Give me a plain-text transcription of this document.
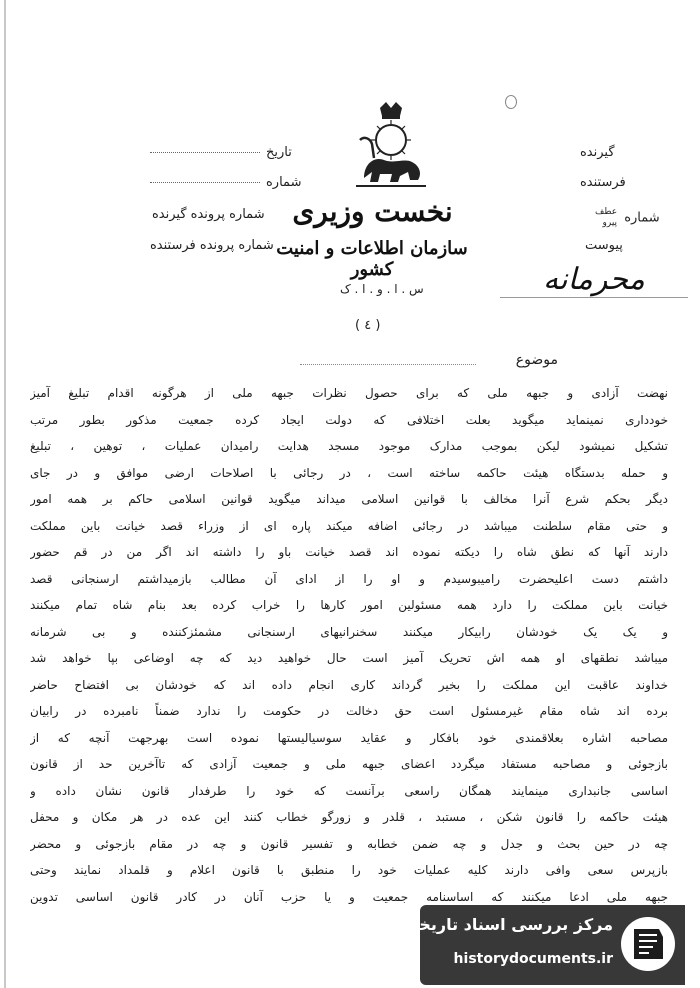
تاریخ
شماره
شماره پرونده گیرنده
شماره پرونده فرستنده
گیرنده
فرستنده
شماره
عطف
پیرو
پیوست
نخست وزیری
سازمان اطلاعات و امنیت کشور
س . ا . و . ا . ک
( ٤ )
محرمانه
موضوع
نهضت آزادی و جبهه ملی که برای حصول نظرات جبهه ملی از هرگونه اقدام تبلیغ آمیز
خودداری نمینماید میگوید بعلت اختلافی که دولت ایجاد کرده جمعیت مذکور بطور مرتب
تشکیل نمیشود لیکن بموجب مدارک موجود مسجد هدایت رامیدان عملیات ، توهین ، تبلیغ
و حمله بدستگاه هیئت حاکمه ساخته است ، در رجائی با اصلاحات ارضی موافق و در جای
دیگر بحکم شرع آنرا مخالف با قوانین اسلامی میداند میگوید قوانین اسلامی حاکم بر همه امور
و حتی مقام سلطنت میباشد در رجائی اضافه میکند پاره ای از وزراء قصد خیانت باین مملکت
دارند آنها که نطق شاه را دیکته نموده اند قصد خیانت باو را داشته اند اگر من در قم حضور
داشتم دست اعلیحضرت رامیبوسیدم و او را از ادای آن مطالب بازمیداشتم ارسنجانی قصد
خیانت باین مملکت را دارد همه مسئولین امور کارها را خراب کرده بعد بنام شاه تمام میکنند
و یک یک خودشان رابیکار میکنند سخنرانیهای ارسنجانی مشمئزکننده و بی شرمانه
میباشد نطقهای او همه اش تحریک آمیز است حال خواهید دید که چه اوضاعی بپا خواهد شد
خداوند عاقبت این مملکت را بخیر گرداند کاری انجام داده اند که خودشان بی افتضاح حاضر
برده اند شاه مقام غیرمسئول است حق دخالت در حکومت را ندارد ضمناً نامبرده در رابیان
مصاحبه اشاره بعلاقمندی خود بافکار و عقاید سوسیالیستها نموده است بهرجهت آنچه که از
بازجوئی و مصاحبه مستفاد میگردد اعضای جبهه ملی و جمعیت آزادی که تاآخرین حد از قانون
اساسی جانبداری مینمایند همگان راسعی برآنست که خود را طرفدار قانون نشان داده و
هیئت حاکمه را قانون شکن ، مستبد ، قلدر و زورگو خطاب کنند این عده در هر مکان و محفل
چه در حین بحث و جدل و چه ضمن خطابه و تفسیر قانون و چه در مقام بازجوئی و محضر
بازپرس سعی وافی دارند کلیه عملیات خود را منطبق با قانون اعلام و قلمداد نمایند وحتی
جبهه ملی ادعا میکنند که اساسنامه جمعیت و یا حزب آنان در کادر قانون اساسی تدوین
مرکز بررسی اسناد تاریخی
historydocuments.ir
